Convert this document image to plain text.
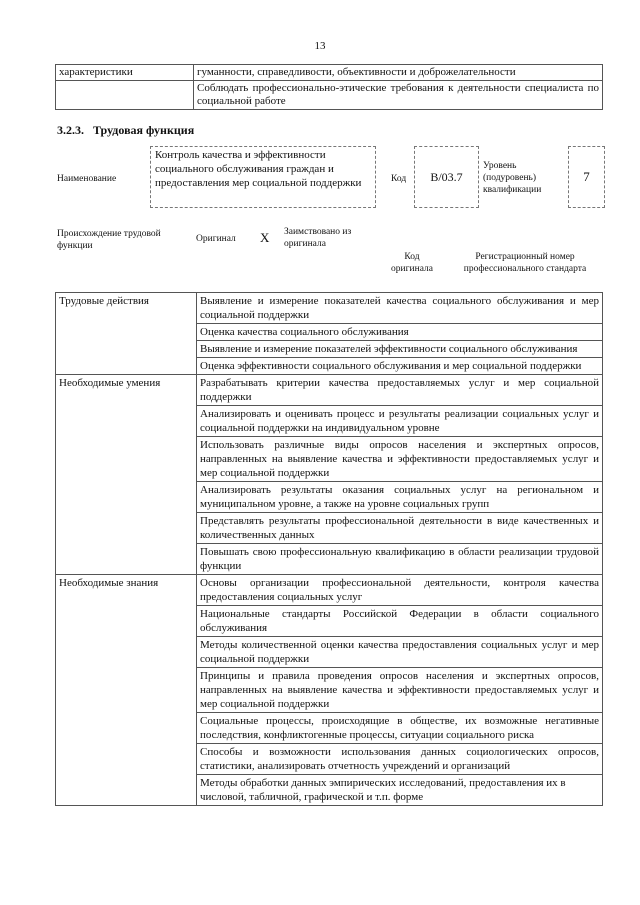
13
характеристики	гуманности, справедливости, объективности и доброжелательности
	Соблюдать профессионально-этические требования к деятельности специалиста по социальной работе
3.2.3. Трудовая функция
Наименование
Контроль качества и эффективности социального обслуживания граждан и предоставления мер социальной поддержки	Код	B/03.7
Уровень (подуровень) квалификации
7
Происхождение трудовой функции
Оригинал X Заимствовано из оригинала
Код оригинала
Регистрационный номер профессионального стандарта
Трудовые действия	Выявление и измерение показателей качества социального обслуживания и мер социальной поддержки
	Оценка качества социального обслуживания
	Выявление и измерение показателей эффективности социального обслуживания
	Оценка эффективности социального обслуживания и мер социальной поддержки
Необходимые умения	Разрабатывать критерии качества предоставляемых услуг и мер социальной поддержки
	Анализировать и оценивать процесс и результаты реализации социальных услуг и социальной поддержки на индивидуальном уровне
	Использовать различные виды опросов населения и экспертных опросов, направленных на выявление качества и эффективности предоставляемых услуг и мер социальной поддержки
	Анализировать результаты оказания социальных услуг на региональном и муниципальном уровне, а также на уровне социальных групп
	Представлять результаты профессиональной деятельности в виде качественных и количественных данных
	Повышать свою профессиональную квалификацию в области реализации трудовой функции
Необходимые знания	Основы организации профессиональной деятельности, контроля качества предоставления социальных услуг
	Национальные стандарты Российской Федерации в области социального обслуживания
	Методы количественной оценки качества предоставления социальных услуг и мер социальной поддержки
	Принципы и правила проведения опросов населения и экспертных опросов, направленных на выявление качества и эффективности предоставляемых услуг и мер социальной поддержки
	Социальные процессы, происходящие в обществе, их возможные негативные последствия, конфликтогенные процессы, ситуации социального риска
	Способы и возможности использования данных социологических опросов, статистики, анализировать отчетность учреждений и организаций
	Методы обработки данных эмпирических исследований, предоставления их в числовой, табличной, графической и т.п. форме
